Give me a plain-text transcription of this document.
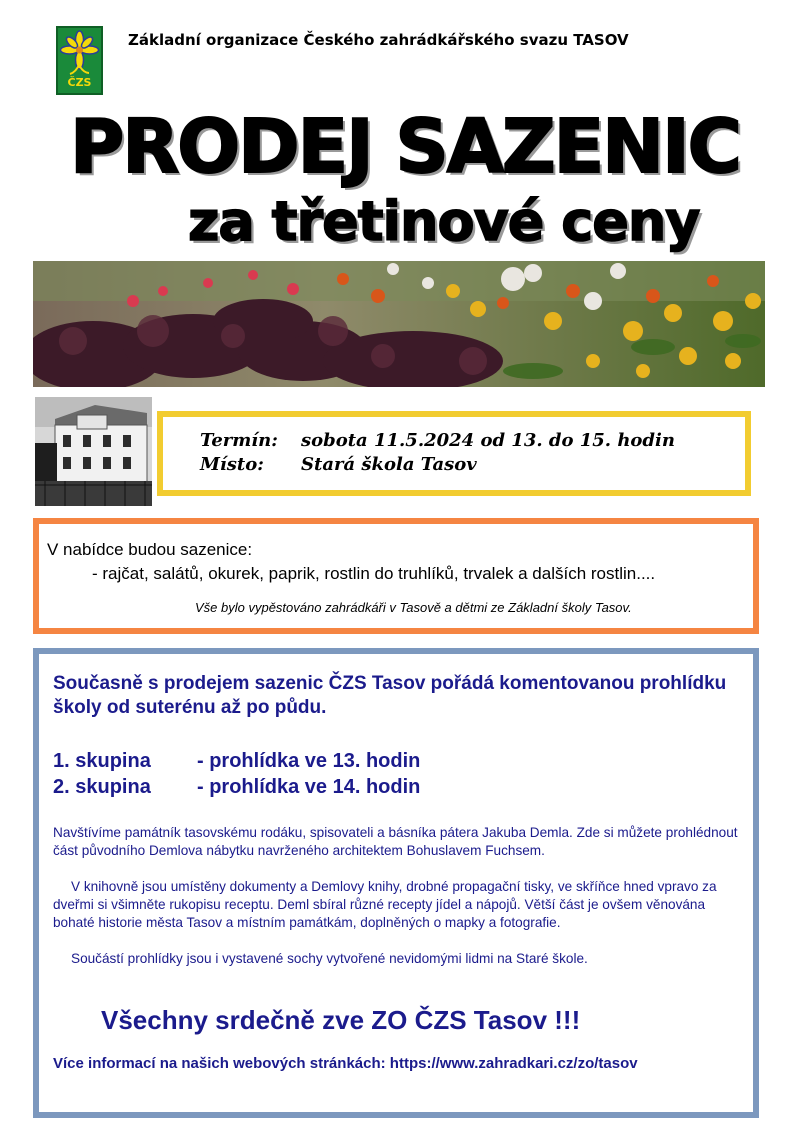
ČZS
Základní organizace Českého zahrádkářského svazu TASOV
PRODEJ SAZENIC
za třetinové ceny
Termín: sobota 11.5.2024 od 13. do 15. hodin
Místo: Stará škola Tasov
V nabídce budou sazenice:
- rajčat, salátů, okurek, paprik, rostlin do truhlíků, trvalek a dalších rostlin....
Vše bylo vypěstováno zahrádkáři v Tasově a dětmi ze Základní školy Tasov.
Současně s prodejem sazenic ČZS Tasov pořádá komentovanou prohlídku školy od suterénu až po půdu.
1. skupina - prohlídka ve 13. hodin
2. skupina - prohlídka ve 14. hodin
Navštívíme památník tasovskému rodáku, spisovateli a básníka pátera Jakuba Demla. Zde si můžete prohlédnout část původního Demlova nábytku navrženého architektem Bohuslavem Fuchsem.
V knihovně jsou umístěny dokumenty a Demlovy knihy, drobné propagační tisky, ve skříňce hned vpravo za dveřmi si všimněte rukopisu receptu. Deml sbíral různé recepty jídel a nápojů. Větší část je ovšem věnována bohaté historie města Tasov a místním památkám, doplněných o mapky a fotografie.
Součástí prohlídky jsou i vystavené sochy vytvořené nevidomými lidmi na Staré škole.
Všechny srdečně zve ZO ČZS Tasov !!!
Více informací na našich webových stránkách: https://www.zahradkari.cz/zo/tasov
